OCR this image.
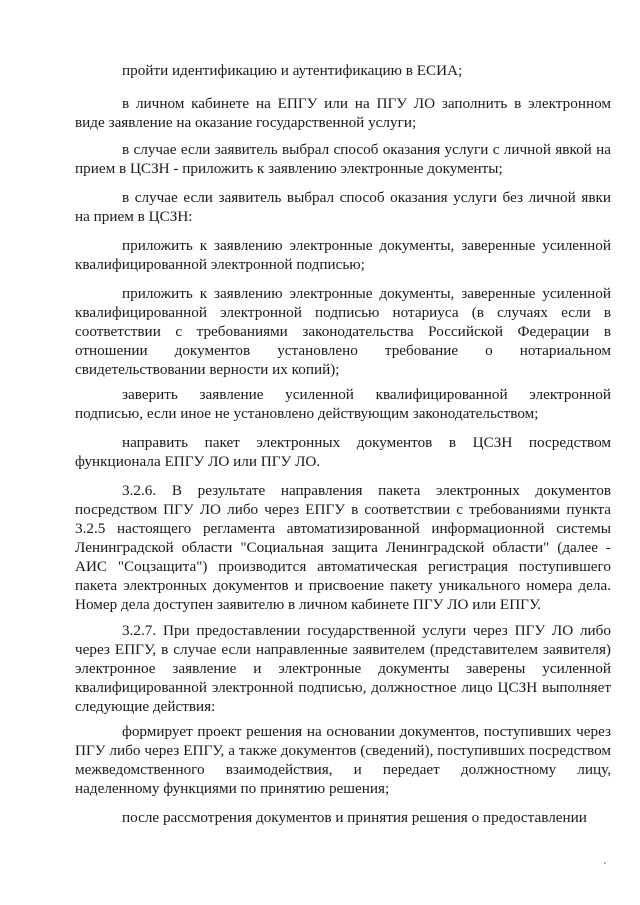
пройти идентификацию и аутентификацию в ЕСИА;

в личном кабинете на ЕПГУ или на ПГУ ЛО заполнить в электронном виде заявление на оказание государственной услуги;

в случае если заявитель выбрал способ оказания услуги с личной явкой на прием в ЦСЗН - приложить к заявлению электронные документы;

в случае если заявитель выбрал способ оказания услуги без личной явки на прием в ЦСЗН:

приложить к заявлению электронные документы, заверенные усиленной квалифицированной электронной подписью;

приложить к заявлению электронные документы, заверенные усиленной квалифицированной электронной подписью нотариуса (в случаях если в соответствии с требованиями законодательства Российской Федерации в отношении документов установлено требование о нотариальном свидетельствовании верности их копий);

заверить заявление усиленной квалифицированной электронной подписью, если иное не установлено действующим законодательством;

направить пакет электронных документов в ЦСЗН посредством функционала ЕПГУ ЛО или ПГУ ЛО.

3.2.6. В результате направления пакета электронных документов посредством ПГУ ЛО либо через ЕПГУ в соответствии с требованиями пункта 3.2.5 настоящего регламента автоматизированной информационной системы Ленинградской области "Социальная защита Ленинградской области" (далее - АИС "Соцзащита") производится автоматическая регистрация поступившего пакета электронных документов и присвоение пакету уникального номера дела. Номер дела доступен заявителю в личном кабинете ПГУ ЛО или ЕПГУ.

3.2.7. При предоставлении государственной услуги через ПГУ ЛО либо через ЕПГУ, в случае если направленные заявителем (представителем заявителя) электронное заявление и электронные документы заверены усиленной квалифицированной электронной подписью, должностное лицо ЦСЗН выполняет следующие действия:

формирует проект решения на основании документов, поступивших через ПГУ либо через ЕПГУ, а также документов (сведений), поступивших посредством межведомственного взаимодействия, и передает должностному лицу, наделенному функциями по принятию решения;

после рассмотрения документов и принятия решения о предоставлении
